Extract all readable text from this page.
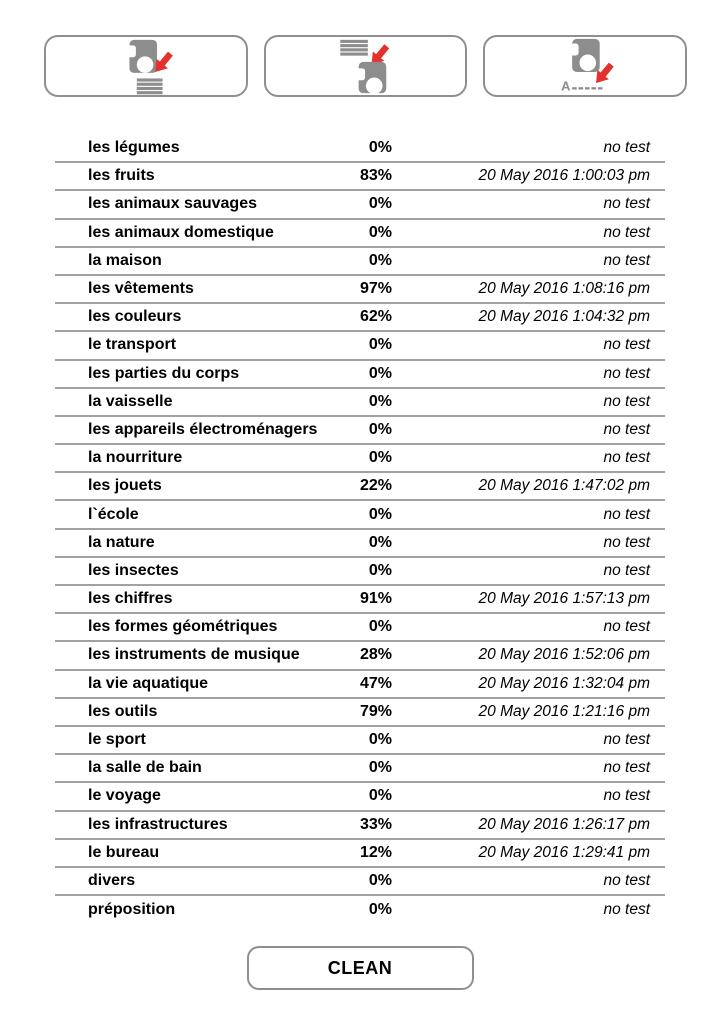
A
les légumes	0%	no test
les fruits	83%	20 May 2016 1:00:03 pm
les animaux sauvages	0%	no test
les animaux domestique	0%	no test
la maison	0%	no test
les vêtements	97%	20 May 2016 1:08:16 pm
les couleurs	62%	20 May 2016 1:04:32 pm
le transport	0%	no test
les parties du corps	0%	no test
la vaisselle	0%	no test
les appareils électroménagers	0%	no test
la nourriture	0%	no test
les jouets	22%	20 May 2016 1:47:02 pm
l`école	0%	no test
la nature	0%	no test
les insectes	0%	no test
les chiffres	91%	20 May 2016 1:57:13 pm
les formes géométriques	0%	no test
les instruments de musique	28%	20 May 2016 1:52:06 pm
la vie aquatique	47%	20 May 2016 1:32:04 pm
les outils	79%	20 May 2016 1:21:16 pm
le sport	0%	no test
la salle de bain	0%	no test
le voyage	0%	no test
les infrastructures	33%	20 May 2016 1:26:17 pm
le bureau	12%	20 May 2016 1:29:41 pm
divers	0%	no test
préposition	0%	no test
CLEAN
